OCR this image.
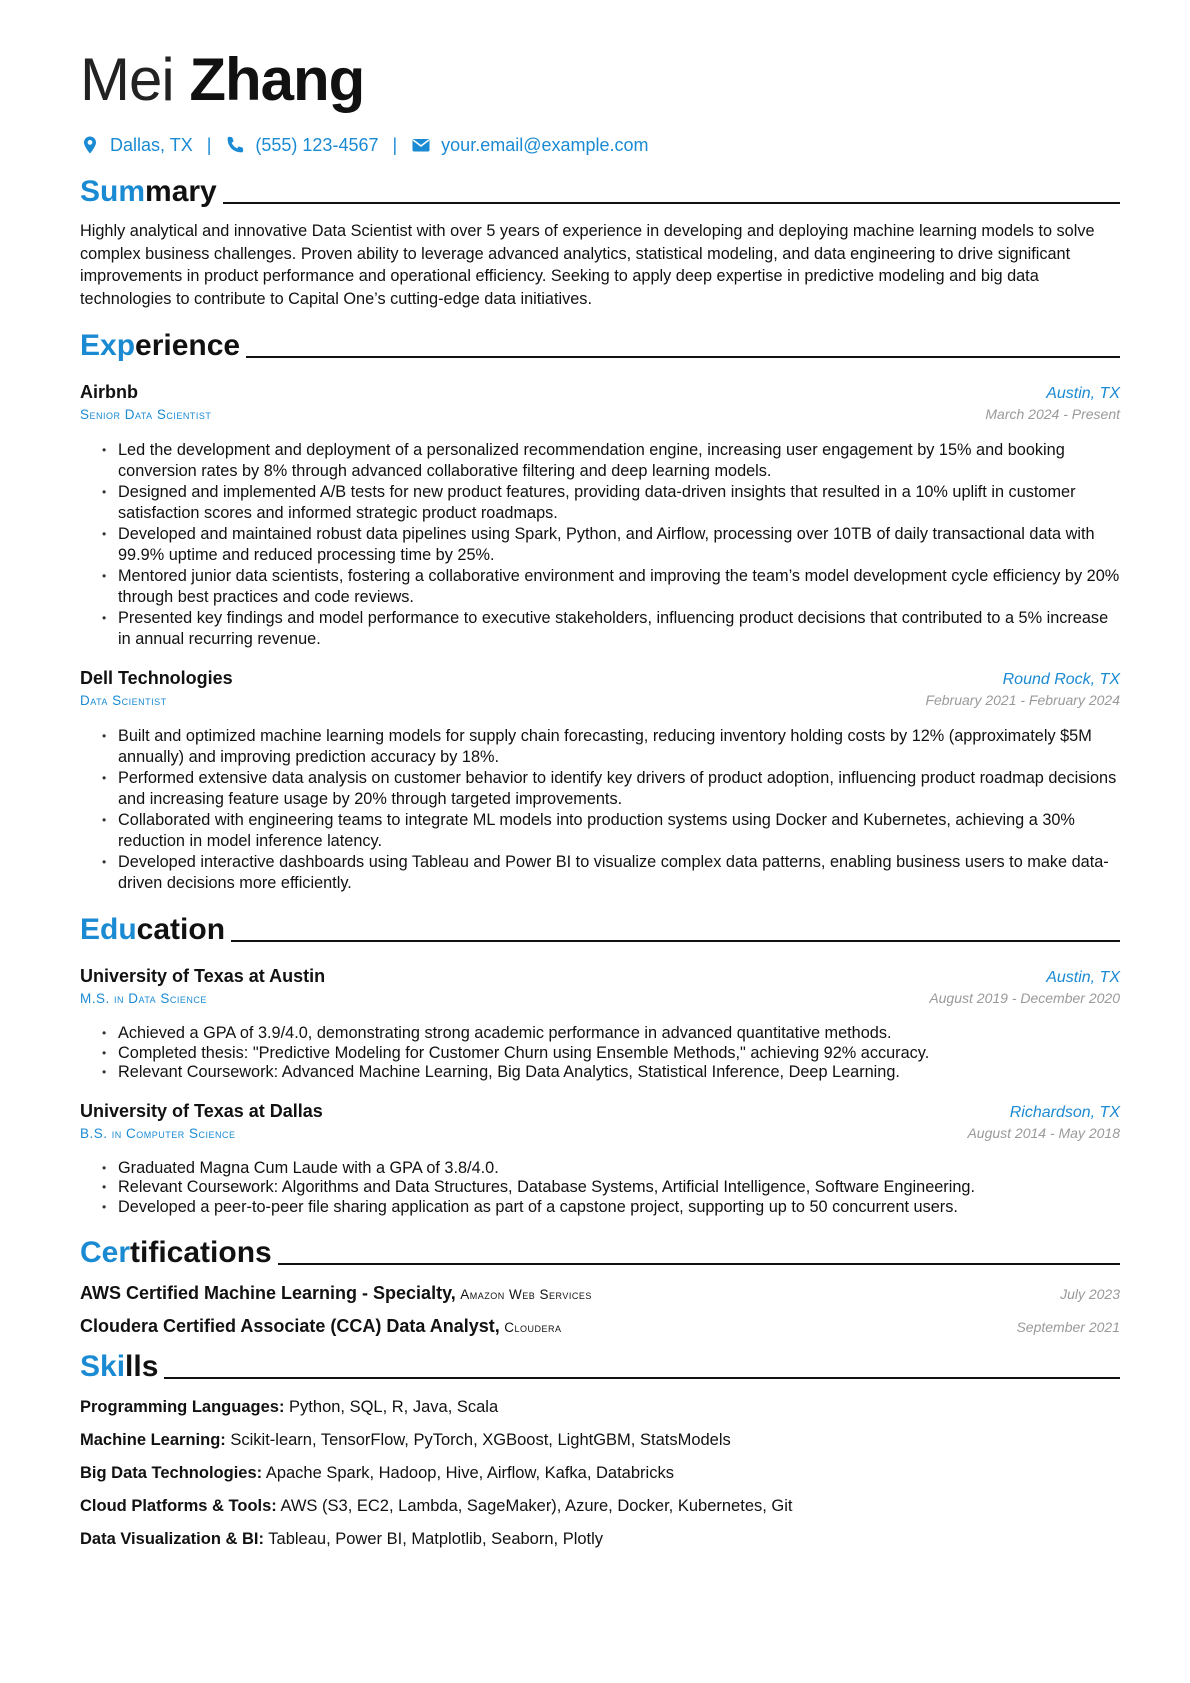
Mei Zhang
Dallas, TX | (555) 123-4567 | your.email@example.com
Summary
Highly analytical and innovative Data Scientist with over 5 years of experience in developing and deploying machine learning models to solve complex business challenges. Proven ability to leverage advanced analytics, statistical modeling, and data engineering to drive significant improvements in product performance and operational efficiency. Seeking to apply deep expertise in predictive modeling and big data technologies to contribute to Capital One’s cutting-edge data initiatives.
Experience
Airbnb	Austin, TX
Senior Data Scientist	March 2024 - Present
• Led the development and deployment of a personalized recommendation engine, increasing user engagement by 15% and booking conversion rates by 8% through advanced collaborative filtering and deep learning models.
• Designed and implemented A/B tests for new product features, providing data-driven insights that resulted in a 10% uplift in customer satisfaction scores and informed strategic product roadmaps.
• Developed and maintained robust data pipelines using Spark, Python, and Airflow, processing over 10TB of daily transactional data with 99.9% uptime and reduced processing time by 25%.
• Mentored junior data scientists, fostering a collaborative environment and improving the team’s model development cycle efficiency by 20% through best practices and code reviews.
• Presented key findings and model performance to executive stakeholders, influencing product decisions that contributed to a 5% increase in annual recurring revenue.
Dell Technologies	Round Rock, TX
Data Scientist	February 2021 - February 2024
• Built and optimized machine learning models for supply chain forecasting, reducing inventory holding costs by 12% (approximately $5M annually) and improving prediction accuracy by 18%.
• Performed extensive data analysis on customer behavior to identify key drivers of product adoption, influencing product roadmap decisions and increasing feature usage by 20% through targeted improvements.
• Collaborated with engineering teams to integrate ML models into production systems using Docker and Kubernetes, achieving a 30% reduction in model inference latency.
• Developed interactive dashboards using Tableau and Power BI to visualize complex data patterns, enabling business users to make data-driven decisions more efficiently.
Education
University of Texas at Austin	Austin, TX
M.S. in Data Science	August 2019 - December 2020
• Achieved a GPA of 3.9/4.0, demonstrating strong academic performance in advanced quantitative methods.
• Completed thesis: "Predictive Modeling for Customer Churn using Ensemble Methods," achieving 92% accuracy.
• Relevant Coursework: Advanced Machine Learning, Big Data Analytics, Statistical Inference, Deep Learning.
University of Texas at Dallas	Richardson, TX
B.S. in Computer Science	August 2014 - May 2018
• Graduated Magna Cum Laude with a GPA of 3.8/4.0.
• Relevant Coursework: Algorithms and Data Structures, Database Systems, Artificial Intelligence, Software Engineering.
• Developed a peer-to-peer file sharing application as part of a capstone project, supporting up to 50 concurrent users.
Certifications
AWS Certified Machine Learning - Specialty, Amazon Web Services	July 2023
Cloudera Certified Associate (CCA) Data Analyst, Cloudera	September 2021
Skills
Programming Languages: Python, SQL, R, Java, Scala
Machine Learning: Scikit-learn, TensorFlow, PyTorch, XGBoost, LightGBM, StatsModels
Big Data Technologies: Apache Spark, Hadoop, Hive, Airflow, Kafka, Databricks
Cloud Platforms & Tools: AWS (S3, EC2, Lambda, SageMaker), Azure, Docker, Kubernetes, Git
Data Visualization & BI: Tableau, Power BI, Matplotlib, Seaborn, Plotly
